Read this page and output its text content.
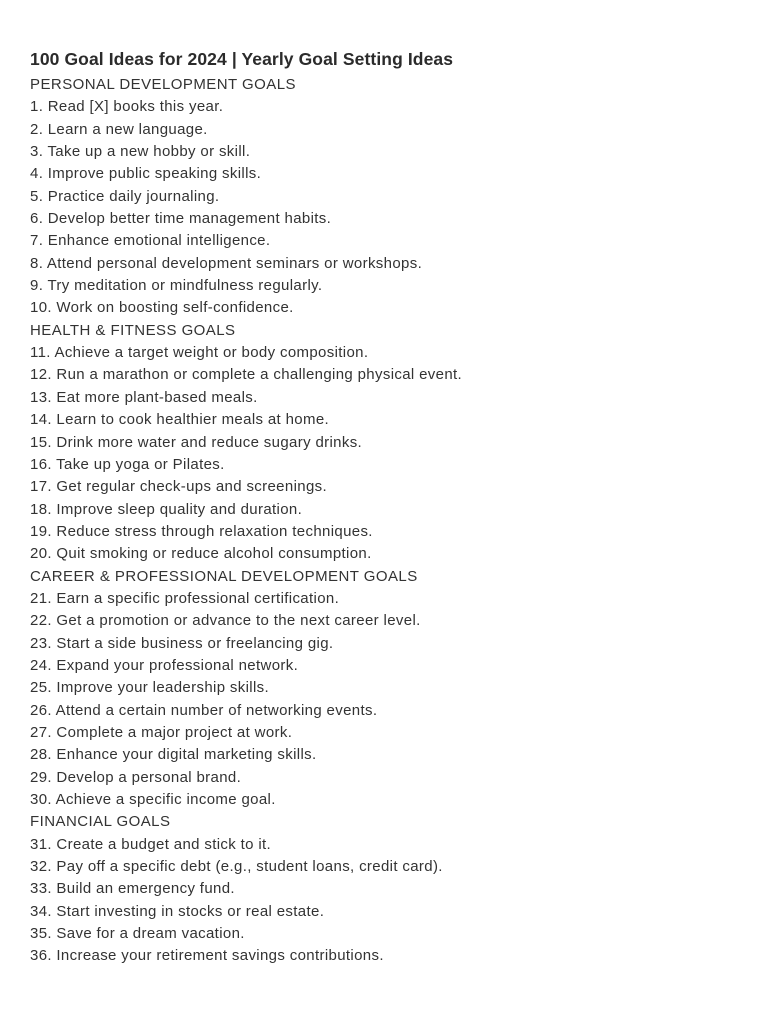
100 Goal Ideas for 2024 | Yearly Goal Setting Ideas
PERSONAL DEVELOPMENT GOALS
1. Read [X] books this year.
2. Learn a new language.
3. Take up a new hobby or skill.
4. Improve public speaking skills.
5. Practice daily journaling.
6. Develop better time management habits.
7. Enhance emotional intelligence.
8. Attend personal development seminars or workshops.
9. Try meditation or mindfulness regularly.
10. Work on boosting self-confidence.
HEALTH & FITNESS GOALS
11. Achieve a target weight or body composition.
12. Run a marathon or complete a challenging physical event.
13. Eat more plant-based meals.
14. Learn to cook healthier meals at home.
15. Drink more water and reduce sugary drinks.
16. Take up yoga or Pilates.
17. Get regular check-ups and screenings.
18. Improve sleep quality and duration.
19. Reduce stress through relaxation techniques.
20. Quit smoking or reduce alcohol consumption.
CAREER & PROFESSIONAL DEVELOPMENT GOALS
21. Earn a specific professional certification.
22. Get a promotion or advance to the next career level.
23. Start a side business or freelancing gig.
24. Expand your professional network.
25. Improve your leadership skills.
26. Attend a certain number of networking events.
27. Complete a major project at work.
28. Enhance your digital marketing skills.
29. Develop a personal brand.
30. Achieve a specific income goal.
FINANCIAL GOALS
31. Create a budget and stick to it.
32. Pay off a specific debt (e.g., student loans, credit card).
33. Build an emergency fund.
34. Start investing in stocks or real estate.
35. Save for a dream vacation.
36. Increase your retirement savings contributions.
